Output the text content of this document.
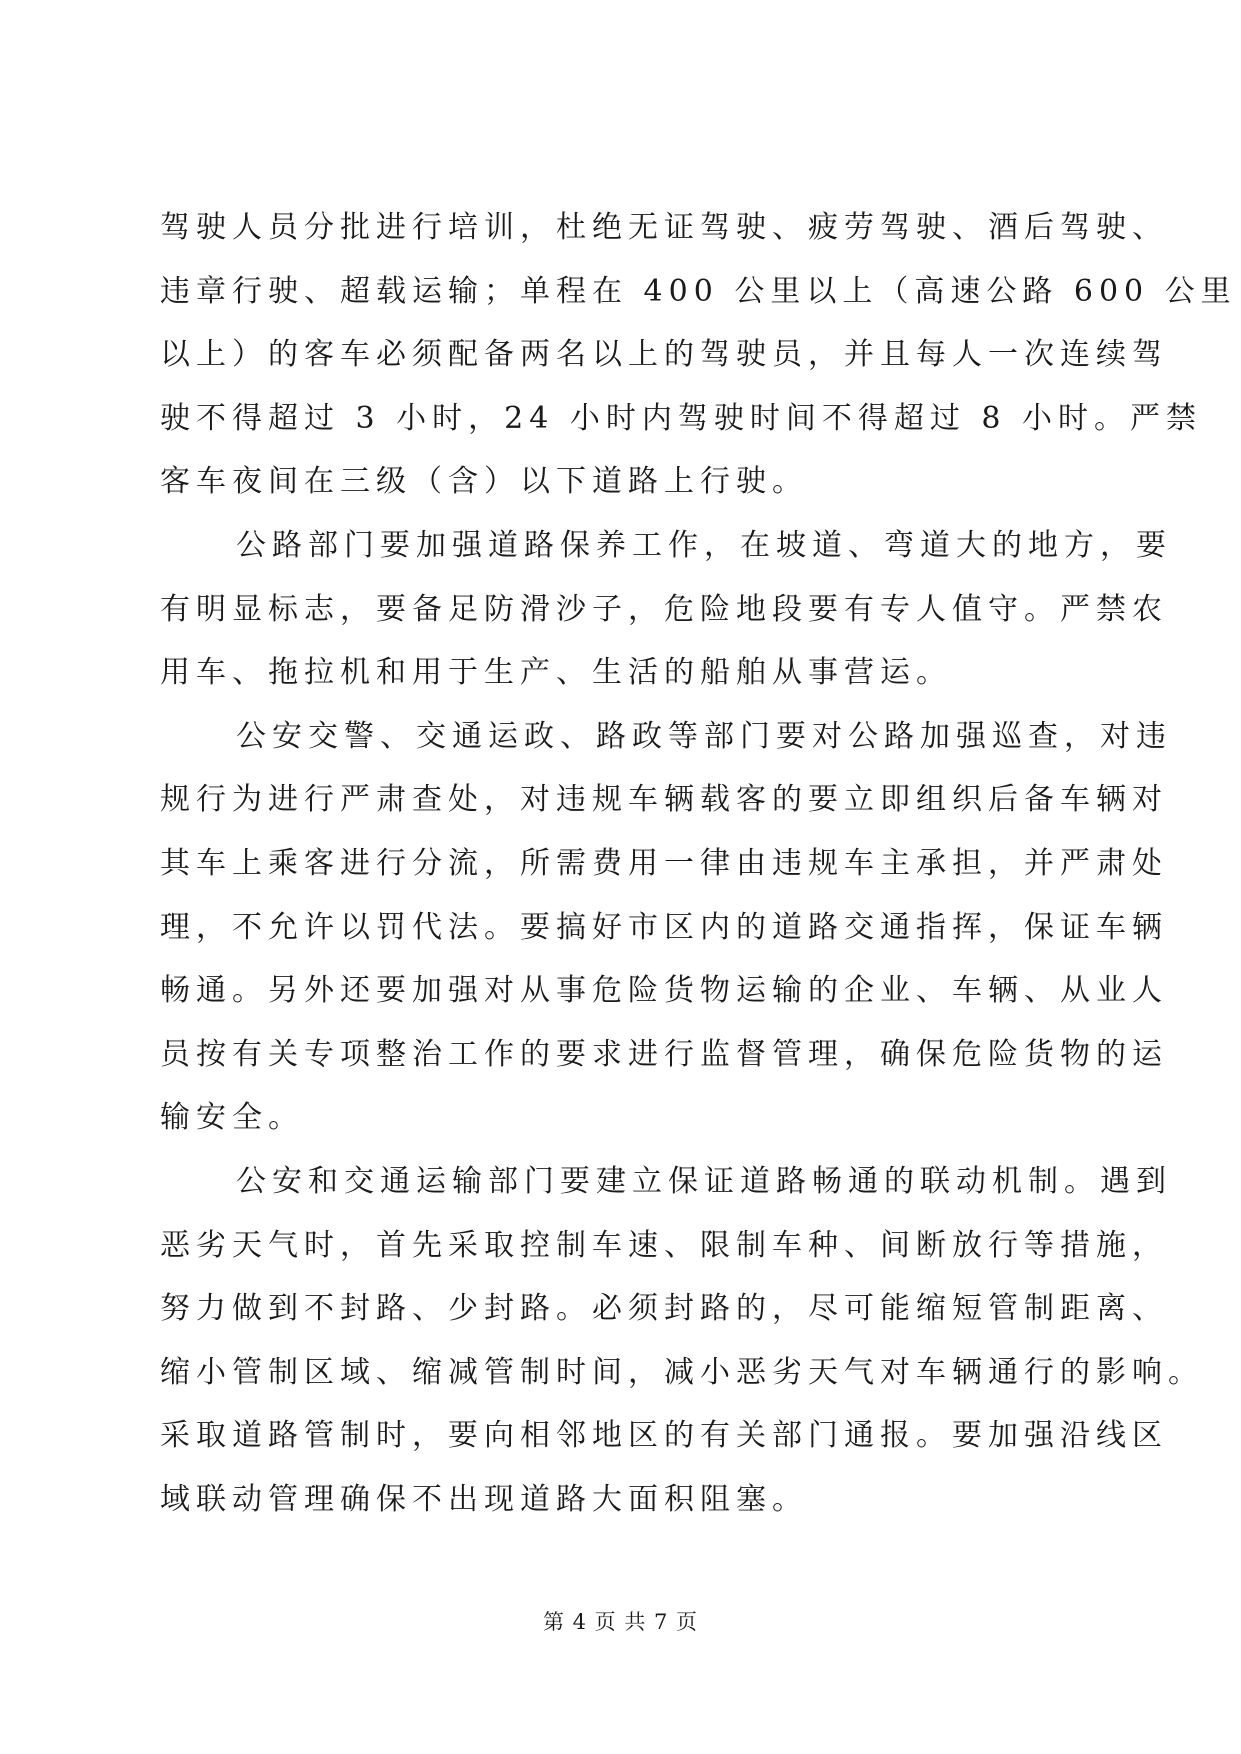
驾驶人员分批进行培训，杜绝无证驾驶、疲劳驾驶、酒后驾驶、
违章行驶、超载运输；单程在 400 公里以上（高速公路 600 公里
以上）的客车必须配备两名以上的驾驶员，并且每人一次连续驾
驶不得超过 3 小时，24 小时内驾驶时间不得超过 8 小时。严禁
客车夜间在三级（含）以下道路上行驶。

公路部门要加强道路保养工作，在坡道、弯道大的地方，要
有明显标志，要备足防滑沙子，危险地段要有专人值守。严禁农
用车、拖拉机和用于生产、生活的船舶从事营运。

公安交警、交通运政、路政等部门要对公路加强巡查，对违
规行为进行严肃查处，对违规车辆载客的要立即组织后备车辆对
其车上乘客进行分流，所需费用一律由违规车主承担，并严肃处
理，不允许以罚代法。要搞好市区内的道路交通指挥，保证车辆
畅通。另外还要加强对从事危险货物运输的企业、车辆、从业人
员按有关专项整治工作的要求进行监督管理，确保危险货物的运
输安全。

公安和交通运输部门要建立保证道路畅通的联动机制。遇到
恶劣天气时，首先采取控制车速、限制车种、间断放行等措施，
努力做到不封路、少封路。必须封路的，尽可能缩短管制距离、
缩小管制区域、缩减管制时间，减小恶劣天气对车辆通行的影响。
采取道路管制时，要向相邻地区的有关部门通报。要加强沿线区
域联动管理确保不出现道路大面积阻塞。

第 4 页 共 7 页
